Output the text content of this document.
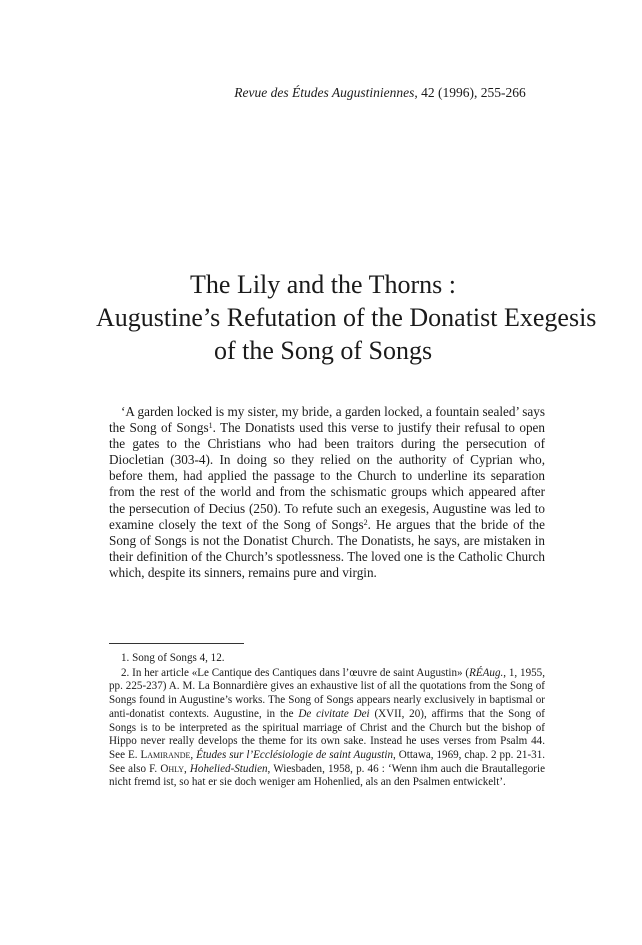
Revue des Études Augustiniennes, 42 (1996), 255-266

The Lily and the Thorns :

Augustine’s Refutation of the Donatist Exegesis

of the Song of Songs

‘A garden locked is my sister, my bride, a garden locked, a fountain sealed’ says the Song of Songs$^1$. The Donatists used this verse to justify their refusal to open the gates to the Christians who had been traitors during the persecution of Diocletian (303-4). In doing so they relied on the authority of Cyprian who, before them, had applied the passage to the Church to underline its separation from the rest of the world and from the schismatic groups which appeared after the persecution of Decius (250). To refute such an exegesis, Augustine was led to examine closely the text of the Song of Songs$^2$. He argues that the bride of the Song of Songs is not the Donatist Church. The Donatists, he says, are mistaken in their definition of the Church’s spotlessness. The loved one is the Catholic Church which, despite its sinners, remains pure and virgin.

1. Song of Songs 4, 12.

2. In her article «Le Cantique des Cantiques dans l’œuvre de saint Augustin» (RÉAug., 1, 1955, pp. 225-237) A. M. La Bonnardière gives an exhaustive list of all the quotations from the Song of Songs found in Augustine’s works. The Song of Songs appears nearly exclusively in baptismal or anti-donatist contexts. Augustine, in the De civitate Dei (XVII, 20), affirms that the Song of Songs is to be interpreted as the spiritual marriage of Christ and the Church but the bishop of Hippo never really develops the theme for its own sake. Instead he uses verses from Psalm 44. See E. Lamirande, Études sur l’Ecclésiologie de saint Augustin, Ottawa, 1969, chap. 2 pp. 21-31. See also F. Ohly, Hohelied-Studien, Wiesbaden, 1958, p. 46 : ‘Wenn ihm auch die Brautallegorie nicht fremd ist, so hat er sie doch weniger am Hohenlied, als an den Psalmen entwickelt’.
